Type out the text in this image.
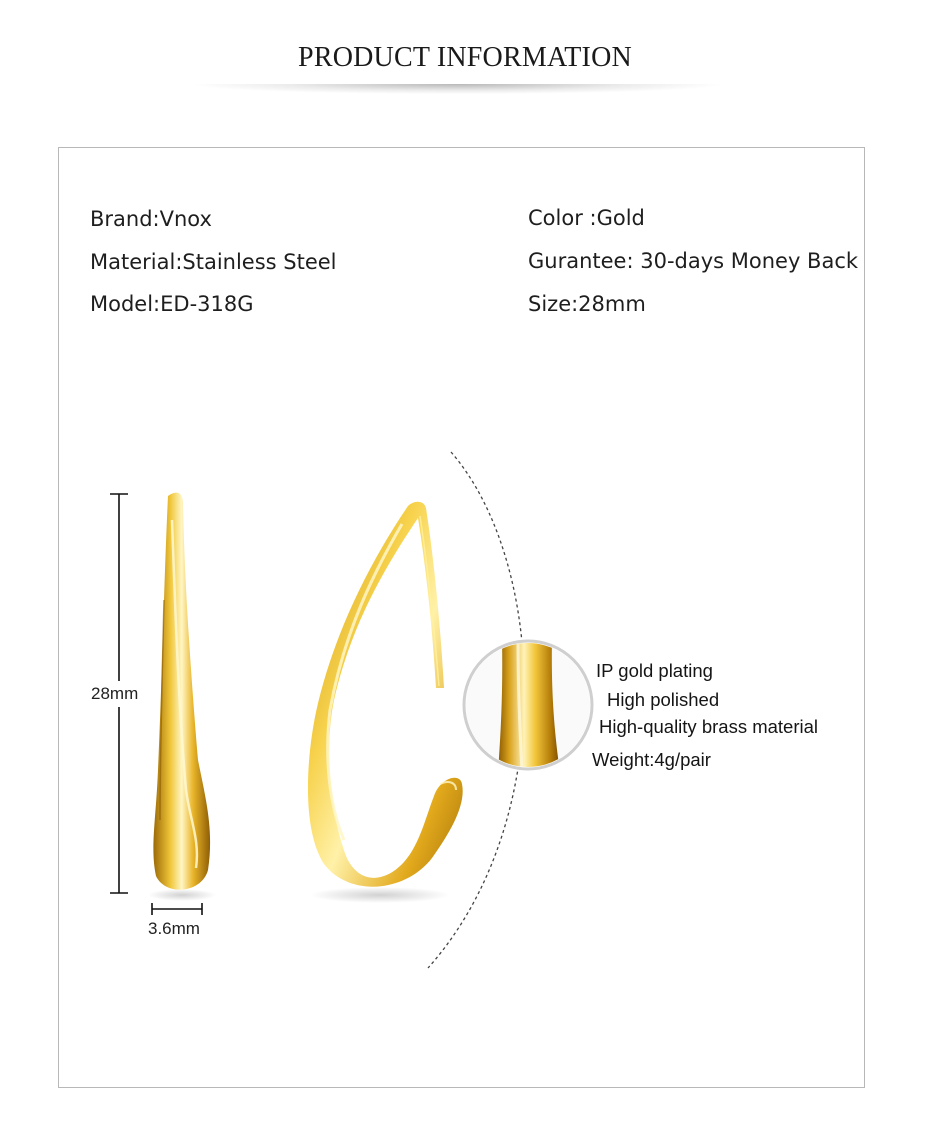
PRODUCT INFORMATION
Brand:Vnox
Material:Stainless Steel
Model:ED-318G
Color :Gold
Gurantee: 30-days Money Back
Size:28mm
28mm
3.6mm
IP gold plating
High polished
High-quality brass material
Weight:4g/pair
